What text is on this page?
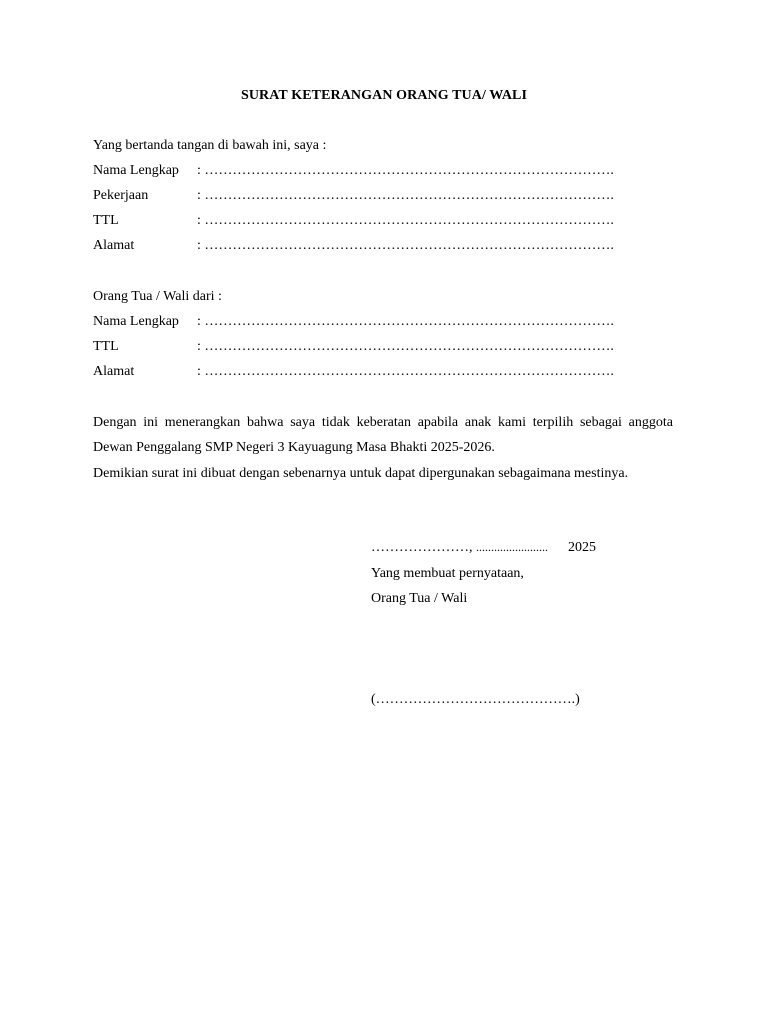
SURAT KETERANGAN ORANG TUA/ WALI
Yang bertanda tangan di bawah ini, saya :
Nama Lengkap : …………………………………………………………………………….
Pekerjaan	: …………………………………………………………………………….
TTL	: …………………………………………………………………………….
Alamat	: …………………………………………………………………………….
Orang Tua / Wali dari :
Nama Lengkap : …………………………………………………………………………….
TTL	: …………………………………………………………………………….
Alamat	: …………………………………………………………………………….
Dengan ini menerangkan bahwa saya tidak keberatan apabila anak kami terpilih sebagai anggota Dewan Penggalang SMP Negeri 3 Kayuagung Masa Bhakti 2025-2026.
Demikian surat ini dibuat dengan sebenarnya untuk dapat dipergunakan sebagaimana mestinya.
…………………, ........................ 2025
Yang membuat pernyataan,
Orang Tua / Wali
(…………………………………….)
